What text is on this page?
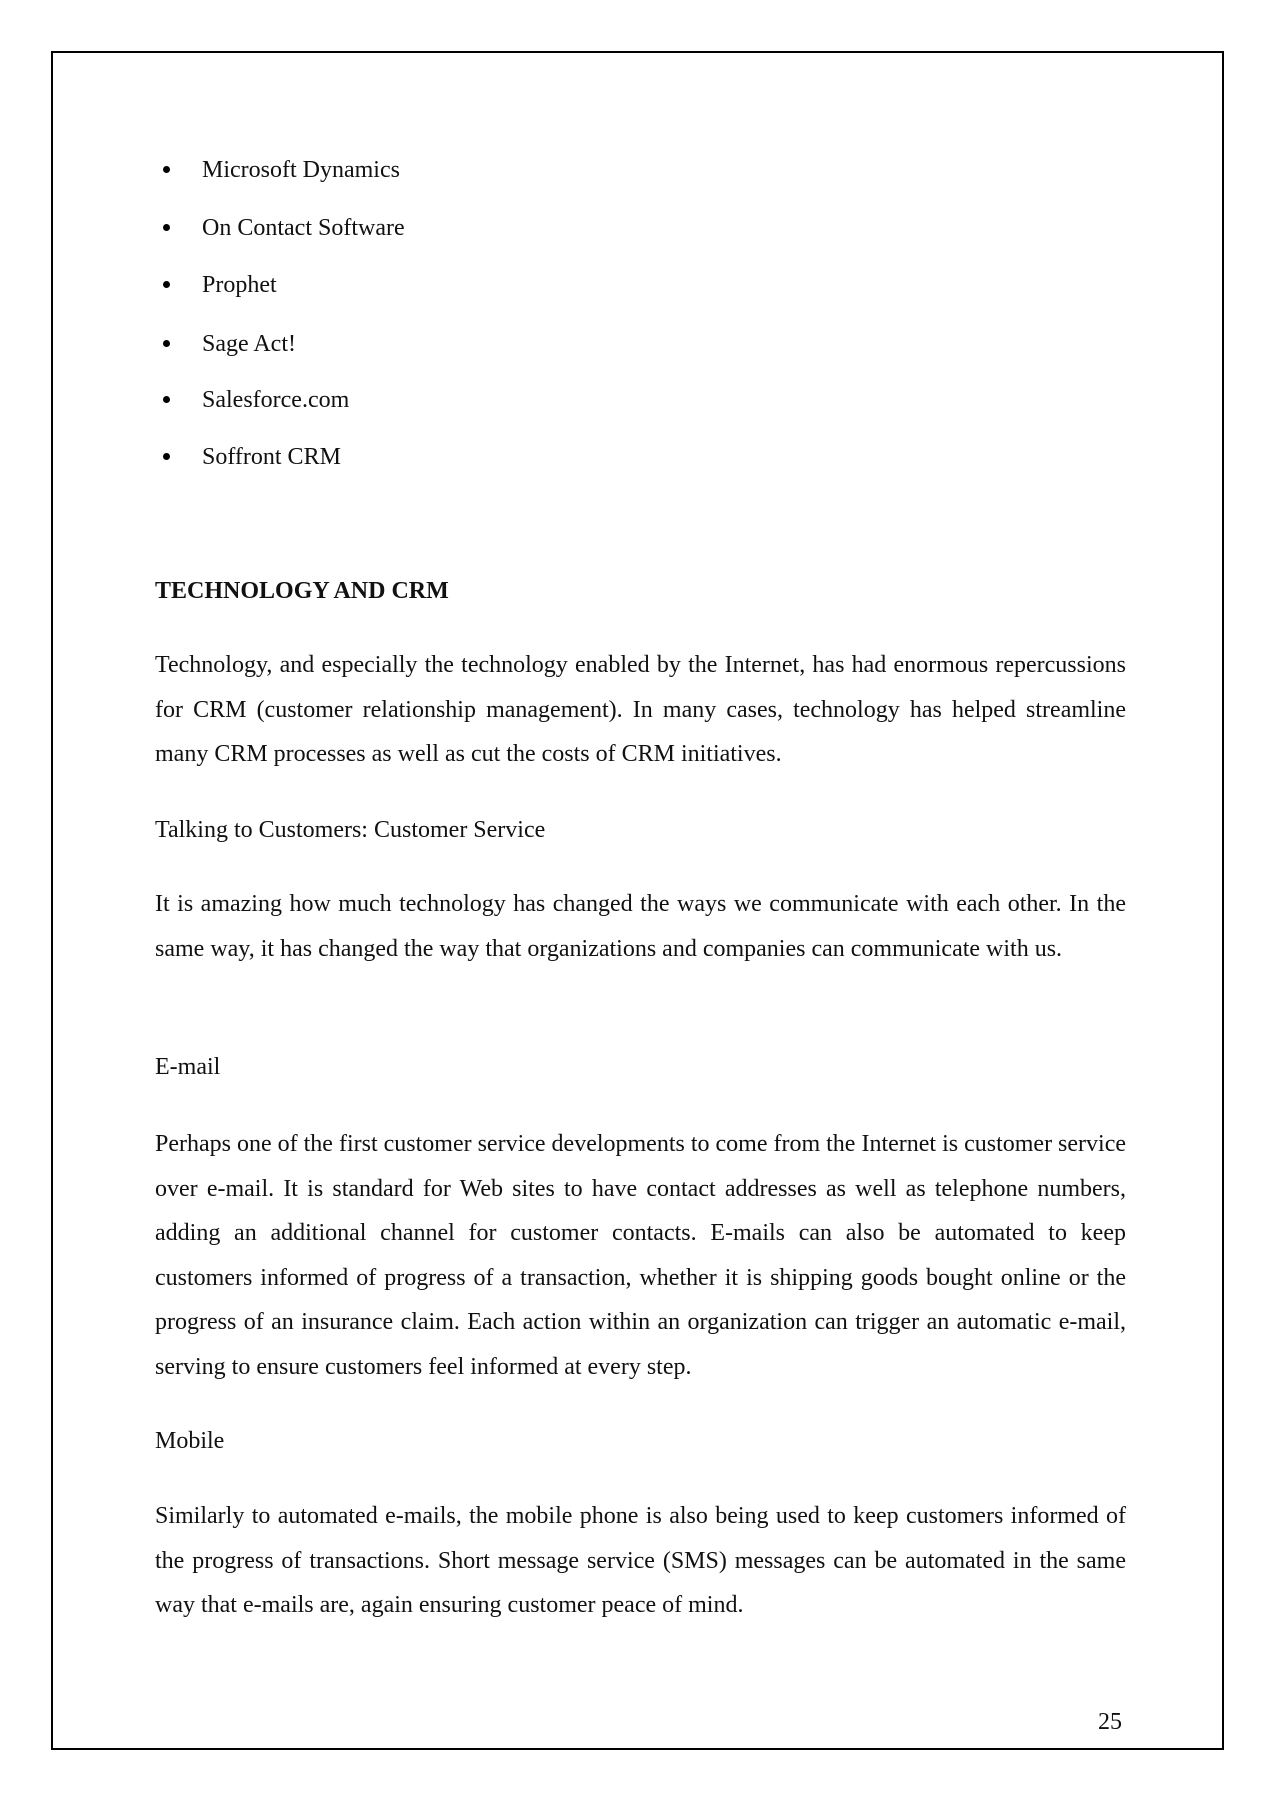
Microsoft Dynamics
On Contact Software
Prophet
Sage Act!
Salesforce.com
Soffront CRM
TECHNOLOGY AND CRM
Technology, and especially the technology enabled by the Internet, has had enormous repercussions for CRM (customer relationship management). In many cases, technology has helped streamline many CRM processes as well as cut the costs of CRM initiatives.
Talking to Customers: Customer Service
It is amazing how much technology has changed the ways we communicate with each other. In the same way, it has changed the way that organizations and companies can communicate with us.
E-mail
Perhaps one of the first customer service developments to come from the Internet is customer service over e-mail. It is standard for Web sites to have contact addresses as well as telephone numbers, adding an additional channel for customer contacts. E-mails can also be automated to keep customers informed of progress of a transaction, whether it is shipping goods bought online or the progress of an insurance claim. Each action within an organization can trigger an automatic e-mail, serving to ensure customers feel informed at every step.
Mobile
Similarly to automated e-mails, the mobile phone is also being used to keep customers informed of the progress of transactions. Short message service (SMS) messages can be automated in the same way that e-mails are, again ensuring customer peace of mind.
25
